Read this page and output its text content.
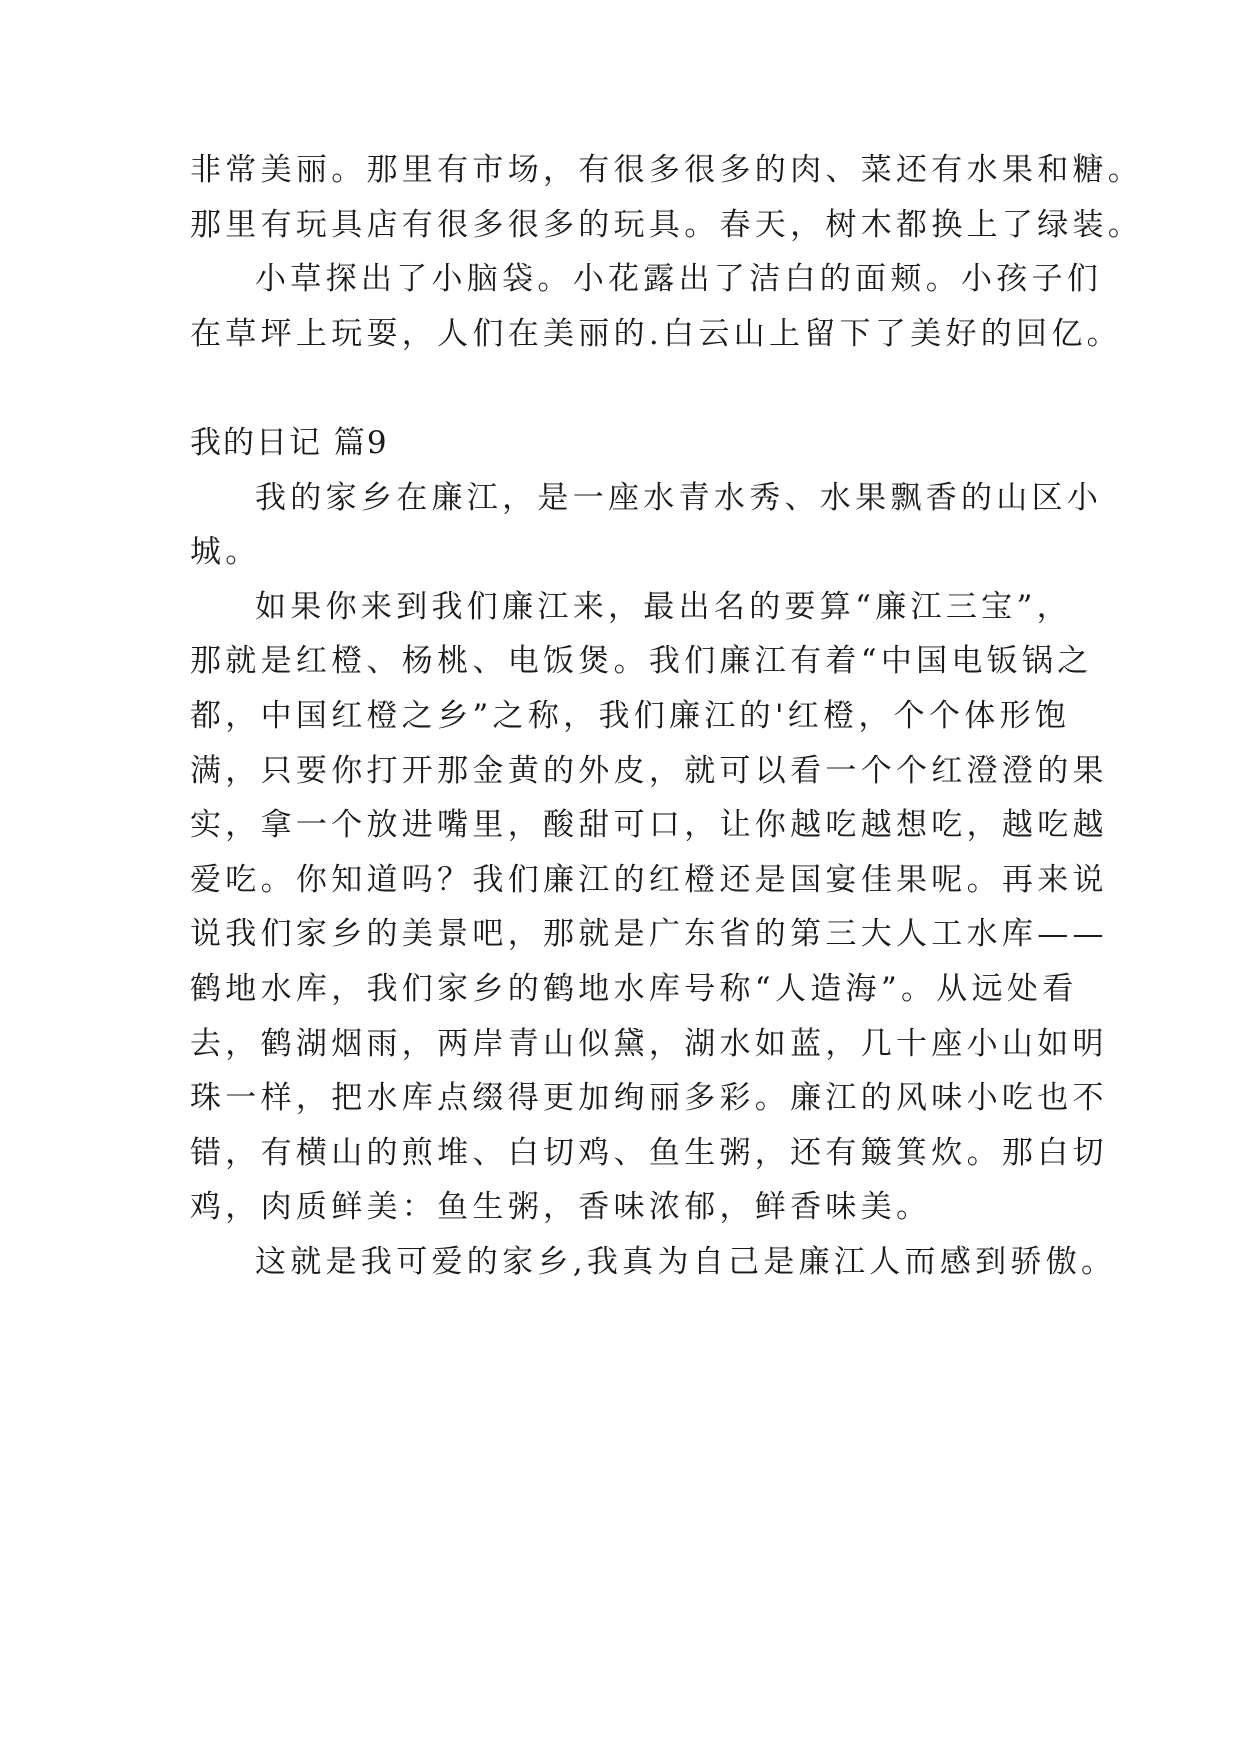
非常美丽。那里有市场，有很多很多的肉、菜还有水果和糖。
那里有玩具店有很多很多的玩具。春天，树木都换上了绿装。
小草探出了小脑袋。小花露出了洁白的面颊。小孩子们
在草坪上玩耍，人们在美丽的.白云山上留下了美好的回亿。
我的日记 篇9
我的家乡在廉江，是一座水青水秀、水果飘香的山区小
城。
如果你来到我们廉江来，最出名的要算“廉江三宝”，
那就是红橙、杨桃、电饭煲。我们廉江有着“中国电钣锅之
都，中国红橙之乡”之称，我们廉江的'红橙，个个体形饱
满，只要你打开那金黄的外皮，就可以看一个个红澄澄的果
实，拿一个放进嘴里，酸甜可口，让你越吃越想吃，越吃越
爱吃。你知道吗？我们廉江的红橙还是国宴佳果呢。再来说
说我们家乡的美景吧，那就是广东省的第三大人工水库——
鹤地水库，我们家乡的鹤地水库号称“人造海”。从远处看
去，鹤湖烟雨，两岸青山似黛，湖水如蓝，几十座小山如明
珠一样，把水库点缀得更加绚丽多彩。廉江的风味小吃也不
错，有横山的煎堆、白切鸡、鱼生粥，还有簸箕炊。那白切
鸡，肉质鲜美：鱼生粥，香味浓郁，鲜香味美。
这就是我可爱的家乡,我真为自己是廉江人而感到骄傲。
